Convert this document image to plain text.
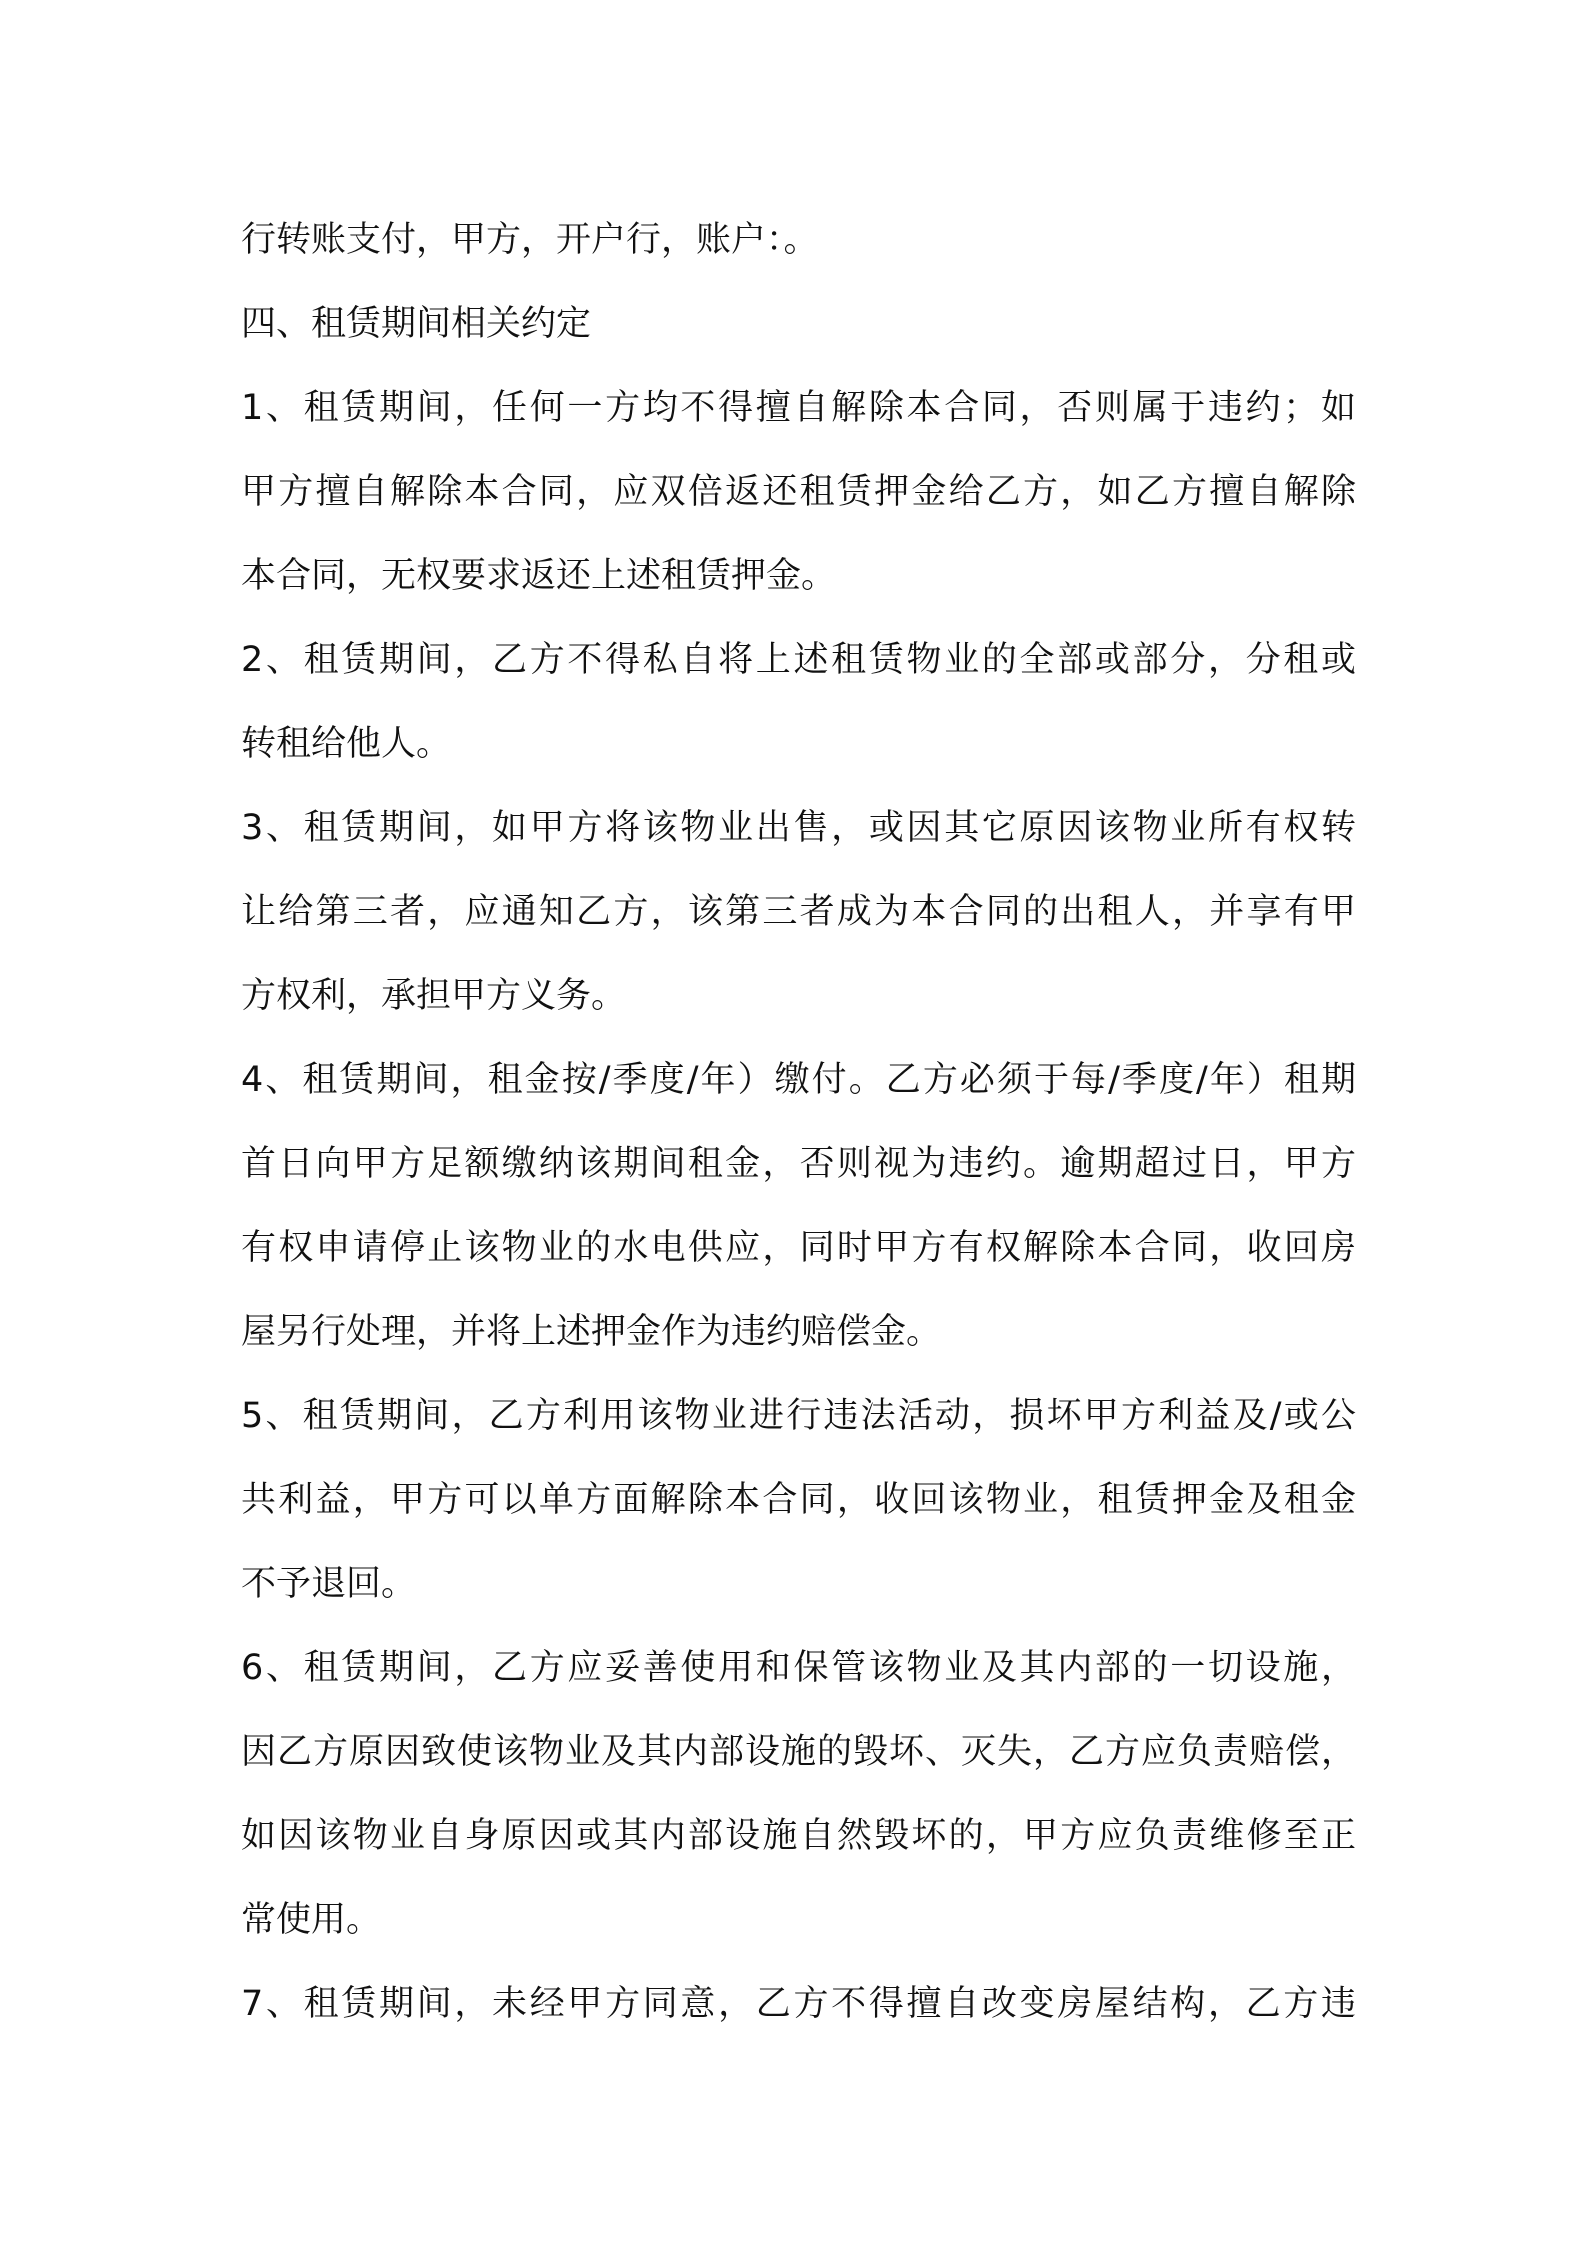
行转账支付，甲方，开户行，账户：。
四、租赁期间相关约定
1、租赁期间，任何一方均不得擅自解除本合同，否则属于违约；如
甲方擅自解除本合同，应双倍返还租赁押金给乙方，如乙方擅自解除
本合同，无权要求返还上述租赁押金。
2、租赁期间，乙方不得私自将上述租赁物业的全部或部分，分租或
转租给他人。
3、租赁期间，如甲方将该物业出售，或因其它原因该物业所有权转
让给第三者，应通知乙方，该第三者成为本合同的出租人，并享有甲
方权利，承担甲方义务。
4、租赁期间，租金按/季度/年）缴付。乙方必须于每/季度/年）租期
首日向甲方足额缴纳该期间租金，否则视为违约。逾期超过日，甲方
有权申请停止该物业的水电供应，同时甲方有权解除本合同，收回房
屋另行处理，并将上述押金作为违约赔偿金。
5、租赁期间，乙方利用该物业进行违法活动，损坏甲方利益及/或公
共利益，甲方可以单方面解除本合同，收回该物业，租赁押金及租金
不予退回。
6、租赁期间，乙方应妥善使用和保管该物业及其内部的一切设施，
因乙方原因致使该物业及其内部设施的毁坏、灭失，乙方应负责赔偿，
如因该物业自身原因或其内部设施自然毁坏的，甲方应负责维修至正
常使用。
7、租赁期间，未经甲方同意，乙方不得擅自改变房屋结构，乙方违
